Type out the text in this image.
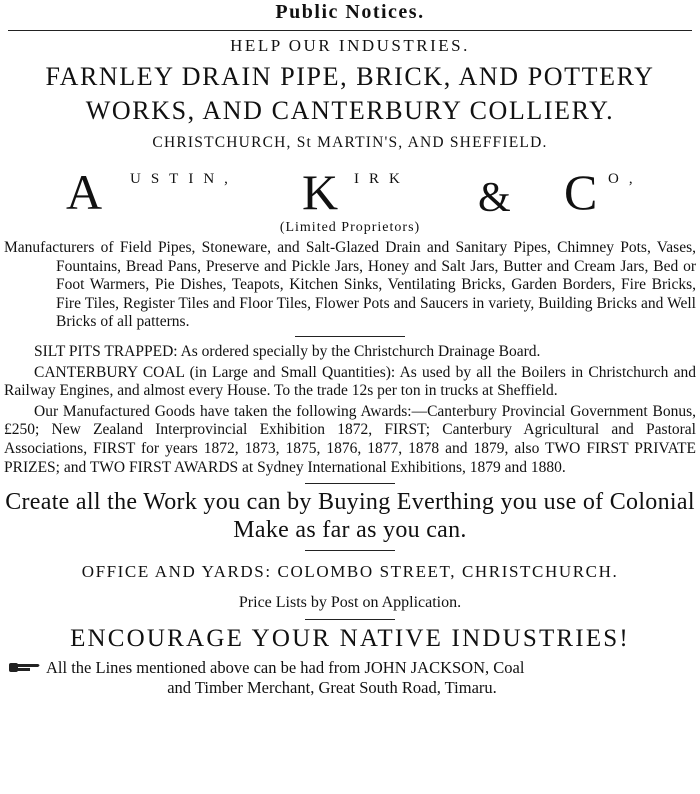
Public Notices.
HELP OUR INDUSTRIES.
FARNLEY DRAIN PIPE, BRICK, AND POTTERY
WORKS, AND CANTERBURY COLLIERY.
CHRISTCHURCH, St MARTIN'S, AND SHEFFIELD.
A USTIN, K IRK & C O,
(Limited Proprietors)

Manufacturers of Field Pipes, Stoneware, and Salt-Glazed Drain and Sanitary Pipes, Chimney Pots, Vases, Fountains, Bread Pans, Preserve and Pickle Jars, Honey and Salt Jars, Butter and Cream Jars, Bed or Foot Warmers, Pie Dishes, Teapots, Kitchen Sinks, Ventilating Bricks, Garden Borders, Fire Bricks, Fire Tiles, Register Tiles and Floor Tiles, Flower Pots and Saucers in variety, Building Bricks and Well Bricks of all patterns.

SILT PITS TRAPPED: As ordered specially by the Christchurch Drainage Board.

CANTERBURY COAL (in Large and Small Quantities): As used by all the Boilers in Christchurch and Railway Engines, and almost every House. To the trade 12s per ton in trucks at Sheffield.

Our Manufactured Goods have taken the following Awards:—Canterbury Provincial Government Bonus, £250; New Zealand Interprovincial Exhibition 1872, FIRST; Canterbury Agricultural and Pastoral Associations, FIRST for years 1872, 1873, 1875, 1876, 1877, 1878 and 1879, also TWO FIRST PRIVATE PRIZES; and TWO FIRST AWARDS at Sydney International Exhibitions, 1879 and 1880.

Create all the Work you can by Buying Everthing you use of Colonial Make as far as you can.
OFFICE AND YARDS: COLOMBO STREET, CHRISTCHURCH.
Price Lists by Post on Application.
ENCOURAGE YOUR NATIVE INDUSTRIES!
All the Lines mentioned above can be had from JOHN JACKSON, Coal
and Timber Merchant, Great South Road, Timaru.
